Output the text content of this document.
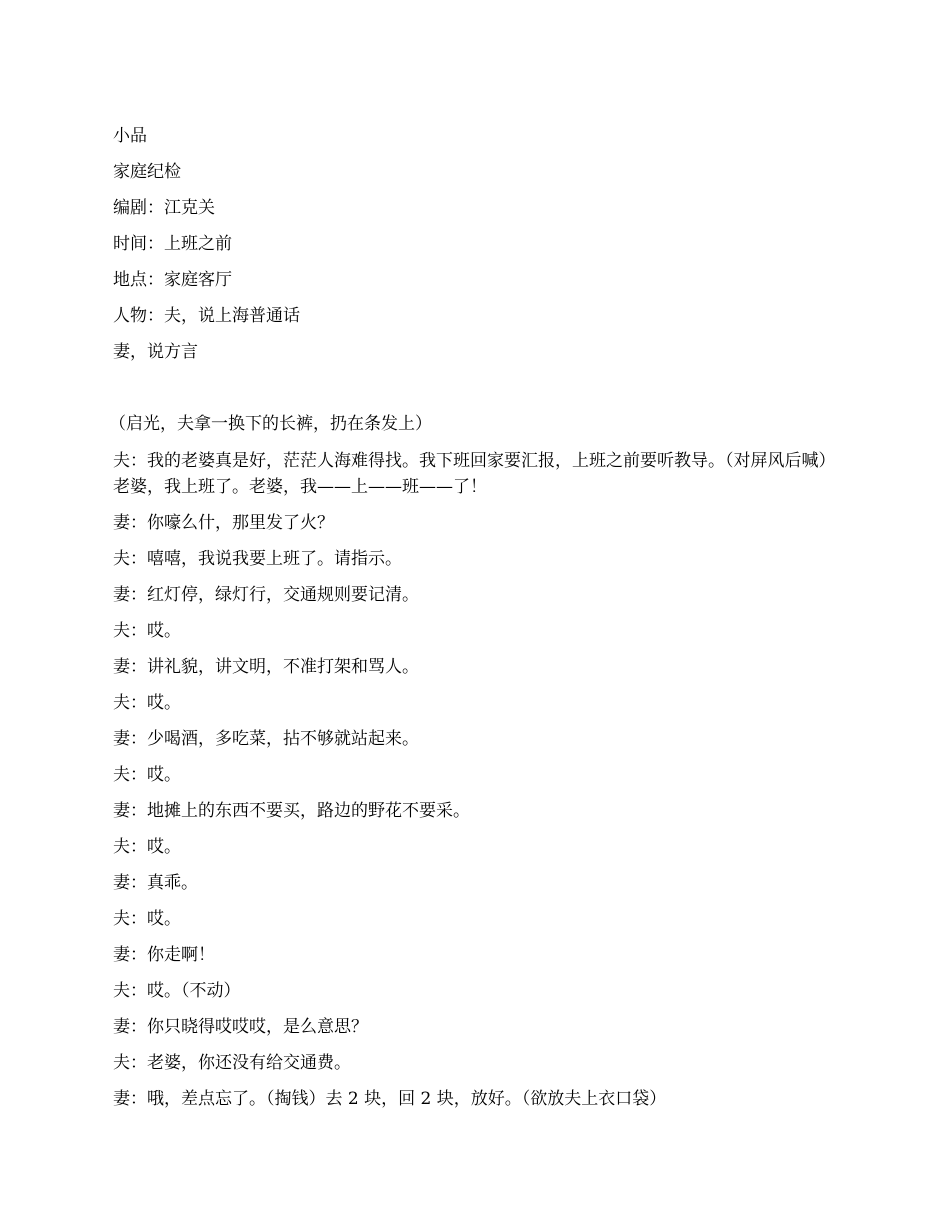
小品
家庭纪检
编剧：江克关
时间：上班之前
地点：家庭客厅
人物：夫，说上海普通话
妻，说方言
（启光，夫拿一换下的长裤，扔在条发上）
夫：我的老婆真是好，茫茫人海难得找。我下班回家要汇报，上班之前要听教导。（对屏风后喊）老婆，我上班了。老婆，我——上——班——了！
妻：你嚎么什，那里发了火？
夫：嘻嘻，我说我要上班了。请指示。
妻：红灯停，绿灯行，交通规则要记清。
夫：哎。
妻：讲礼貌，讲文明，不准打架和骂人。
夫：哎。
妻：少喝酒，多吃菜，拈不够就站起来。
夫：哎。
妻：地摊上的东西不要买，路边的野花不要采。
夫：哎。
妻：真乖。
夫：哎。
妻：你走啊！
夫：哎。（不动）
妻：你只晓得哎哎哎，是么意思？
夫：老婆，你还没有给交通费。
妻：哦，差点忘了。（掏钱）去 2 块，回 2 块，放好。（欲放夫上衣口袋）
